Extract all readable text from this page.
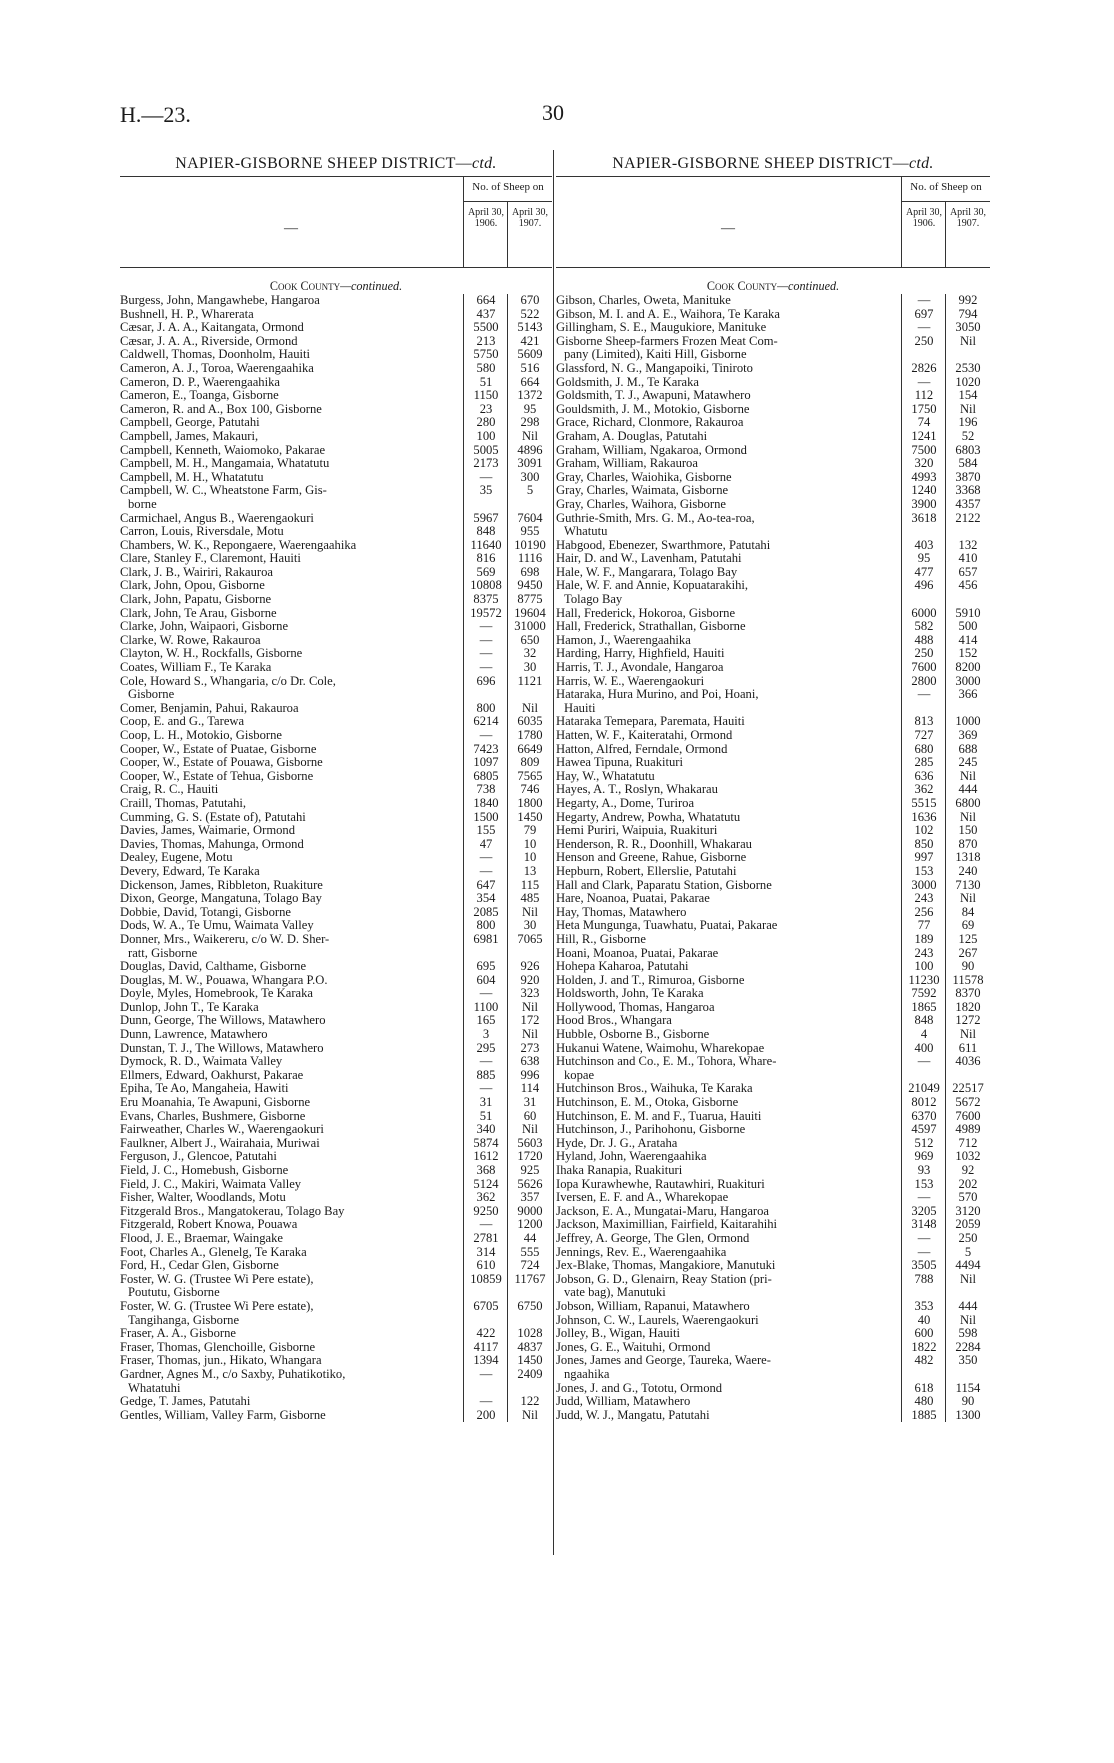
H.—23.	30
NAPIER-GISBORNE SHEEP DISTRICT—ctd.
—
No. of Sheep on
April 30, 1906.
April 30, 1907.
Cook County—continued.
Burgess, John, Mangawhebe, Hangaroa	664	670
Bushnell, H. P., Wharerata	437	522
Cæsar, J. A. A., Kaitangata, Ormond	5500	5143
Cæsar, J. A. A., Riverside, Ormond	213	421
Caldwell, Thomas, Doonholm, Hauiti	5750	5609
Cameron, A. J., Toroa, Waerengaahika	580	516
Cameron, D. P., Waerengaahika	51	664
Cameron, E., Toanga, Gisborne	1150	1372
Cameron, R. and A., Box 100, Gisborne	23	95
Campbell, George, Patutahi	280	298
Campbell, James, Makauri,	100	Nil
Campbell, Kenneth, Waiomoko, Pakarae	5005	4896
Campbell, M. H., Mangamaia, Whatatutu	2173	3091
Campbell, M. H., Whatatutu	—	300
Campbell, W. C., Wheatstone Farm, Gis-
borne
35	5
Carmichael, Angus B., Waerengaokuri	5967	7604
Carron, Louis, Riversdale, Motu	848	955
Chambers, W. K., Repongaere, Waerengaahika	11640	10190
Clare, Stanley F., Claremont, Hauiti	816	1116
Clark, J. B., Wairiri, Rakauroa	569	698
Clark, John, Opou, Gisborne	10808	9450
Clark, John, Papatu, Gisborne	8375	8775
Clark, John, Te Arau, Gisborne	19572 19604
Clarke, John, Waipaori, Gisborne	—	31000
Clarke, W. Rowe, Rakauroa	—	650
Clayton, W. H., Rockfalls, Gisborne	—	32
Coates, William F., Te Karaka	—	30
Cole, Howard S., Whangaria, c/o Dr. Cole,
Gisborne
696	1121
Comer, Benjamin, Pahui, Rakauroa	800	Nil
Coop, E. and G., Tarewa	6214	6035
Coop, L. H., Motokio, Gisborne	—	1780
Cooper, W., Estate of Puatae, Gisborne	7423	6649
Cooper, W., Estate of Pouawa, Gisborne	1097	809
Cooper, W., Estate of Tehua, Gisborne	6805	7565
Craig, R. C., Hauiti	738	746
Craill, Thomas, Patutahi,	1840	1800
Cumming, G. S. (Estate of), Patutahi	1500	1450
Davies, James, Waimarie, Ormond	155	79
Davies, Thomas, Mahunga, Ormond	47	10
Dealey, Eugene, Motu	—	10
Devery, Edward, Te Karaka	—	13
Dickenson, James, Ribbleton, Ruakiture	647	115
Dixon, George, Mangatuna, Tolago Bay	354	485
Dobbie, David, Totangi, Gisborne	2085	Nil
Dods, W. A., Te Umu, Waimata Valley	800	30
Donner, Mrs., Waikereru, c/o W. D. Sher-
ratt, Gisborne
6981	7065
Douglas, David, Calthame, Gisborne	695	926
Douglas, M. W., Pouawa, Whangara P.O.	604	920
Doyle, Myles, Homebrook, Te Karaka	—	323
Dunlop, John T., Te Karaka	1100	Nil
Dunn, George, The Willows, Matawhero	165	172
Dunn, Lawrence, Matawhero	3	Nil
Dunstan, T. J., The Willows, Matawhero	295	273
Dymock, R. D., Waimata Valley	—	638
Ellmers, Edward, Oakhurst, Pakarae	885	996
Epiha, Te Ao, Mangaheia, Hawiti	—	114
Eru Moanahia, Te Awapuni, Gisborne	31	31
Evans, Charles, Bushmere, Gisborne	51	60
Fairweather, Charles W., Waerengaokuri	340	Nil
Faulkner, Albert J., Wairahaia, Muriwai	5874	5603
Ferguson, J., Glencoe, Patutahi	1612	1720
Field, J. C., Homebush, Gisborne	368	925
Field, J. C., Makiri, Waimata Valley	5124	5626
Fisher, Walter, Woodlands, Motu	362	357
Fitzgerald Bros., Mangatokerau, Tolago Bay	9250	9000
Fitzgerald, Robert Knowa, Pouawa	—	1200
Flood, J. E., Braemar, Waingake	2781	44
Foot, Charles A., Glenelg, Te Karaka	314	555
Ford, H., Cedar Glen, Gisborne	610	724
Foster, W. G. (Trustee Wi Pere estate),
Poututu, Gisborne
10859	11767
Foster, W. G. (Trustee Wi Pere estate),
Tangihanga, Gisborne
6705	6750
Fraser, A. A., Gisborne	422	1028
Fraser, Thomas, Glenchoille, Gisborne	4117	4837
Fraser, Thomas, jun., Hikato, Whangara	1394	1450
Gardner, Agnes M., c/o Saxby, Puhatikotiko,
Whatatuhi
—	2409
Gedge, T. James, Patutahi	—	122
Gentles, William, Valley Farm, Gisborne	200	Nil
NAPIER-GISBORNE SHEEP DISTRICT—ctd.
—
No. of Sheep on
April 30, 1906.
April 30, 1907.
Cook County—continued.
Gibson, Charles, Oweta, Manituke	—	992
Gibson, M. I. and A. E., Waihora, Te Karaka	697	794
Gillingham, S. E., Maugukiore, Manituke	—	3050
Gisborne Sheep-farmers Frozen Meat Com-
pany (Limited), Kaiti Hill, Gisborne
250	Nil
Glassford, N. G., Mangapoiki, Tiniroto	2826	2530
Goldsmith, J. M., Te Karaka	—	1020
Goldsmith, T. J., Awapuni, Matawhero	112	154
Gouldsmith, J. M., Motokio, Gisborne	1750	Nil
Grace, Richard, Clonmore, Rakauroa	74	196
Graham, A. Douglas, Patutahi	1241	52
Graham, William, Ngakaroa, Ormond	7500	6803
Graham, William, Rakauroa	320	584
Gray, Charles, Waiohika, Gisborne	4993	3870
Gray, Charles, Waimata, Gisborne	1240	3368
Gray, Charles, Waihora, Gisborne	3900	4357
Guthrie-Smith, Mrs. G. M., Ao-tea-roa,
Whatutu
3618	2122
Habgood, Ebenezer, Swarthmore, Patutahi	403	132
Hair, D. and W., Lavenham, Patutahi	95	410
Hale, W. F., Mangarara, Tolago Bay	477	657
Hale, W. F. and Annie, Kopuatarakihi,
Tolago Bay
496	456
Hall, Frederick, Hokoroa, Gisborne	6000	5910
Hall, Frederick, Strathallan, Gisborne	582	500
Hamon, J., Waerengaahika	488	414
Harding, Harry, Highfield, Hauiti	250	152
Harris, T. J., Avondale, Hangaroa	7600	8200
Harris, W. E., Waerengaokuri	2800	3000
Hataraka, Hura Murino, and Poi, Hoani,
Hauiti
—	366
Hataraka Temepara, Paremata, Hauiti	813	1000
Hatten, W. F., Kaiteratahi, Ormond	727	369
Hatton, Alfred, Ferndale, Ormond	680	688
Hawea Tipuna, Ruakituri	285	245
Hay, W., Whatatutu	636	Nil
Hayes, A. T., Roslyn, Whakarau	362	444
Hegarty, A., Dome, Turiroa	5515	6800
Hegarty, Andrew, Powha, Whatatutu	1636	Nil
Hemi Puriri, Waipuia, Ruakituri	102	150
Henderson, R. R., Doonhill, Whakarau	850	870
Henson and Greene, Rahue, Gisborne	997	1318
Hepburn, Robert, Ellerslie, Patutahi	153	240
Hall and Clark, Paparatu Station, Gisborne	3000	7130
Hare, Noanoa, Puatai, Pakarae	243	Nil
Hay, Thomas, Matawhero	256	84
Heta Mungunga, Tuawhatu, Puatai, Pakarae	77	69
Hill, R., Gisborne	189	125
Hoani, Moanoa, Puatai, Pakarae	243	267
Hohepa Kaharoa, Patutahi	100	90
Holden, J. and T., Rimuroa, Gisborne	11230	11578
Holdsworth, John, Te Karaka	7592	8370
Hollywood, Thomas, Hangaroa	1865	1820
Hood Bros., Whangara	848	1272
Hubble, Osborne B., Gisborne	4	Nil
Hukanui Watene, Waimohu, Wharekopae	400	611
Hutchinson and Co., E. M., Tohora, Whare-
kopae
—	4036
Hutchinson Bros., Waihuka, Te Karaka	21049 22517
Hutchinson, E. M., Otoka, Gisborne	8012	5672
Hutchinson, E. M. and F., Tuarua, Hauiti	6370	7600
Hutchinson, J., Parihohonu, Gisborne	4597	4989
Hyde, Dr. J. G., Arataha	512	712
Hyland, John, Waerengaahika	969	1032
Ihaka Ranapia, Ruakituri	93	92
Iopa Kurawhewhe, Rautawhiri, Ruakituri	153	202
Iversen, E. F. and A., Wharekopae	—	570
Jackson, E. A., Mungatai-Maru, Hangaroa	3205	3120
Jackson, Maximillian, Fairfield, Kaitarahihi	3148	2059
Jeffrey, A. George, The Glen, Ormond	—	250
Jennings, Rev. E., Waerengaahika	—	5
Jex-Blake, Thomas, Mangakiore, Manutuki	3505	4494
Jobson, G. D., Glenairn, Reay Station (pri-
vate bag), Manutuki
788	Nil
Jobson, William, Rapanui, Matawhero	353	444
Johnson, C. W., Laurels, Waerengaokuri	40	Nil
Jolley, B., Wigan, Hauiti	600	598
Jones, G. E., Waituhi, Ormond	1822	2284
Jones, James and George, Taureka, Waere-
ngaahika
482	350
Jones, J. and G., Tototu, Ormond	618	1154
Judd, William, Matawhero	480	90
Judd, W. J., Mangatu, Patutahi	1885	1300
